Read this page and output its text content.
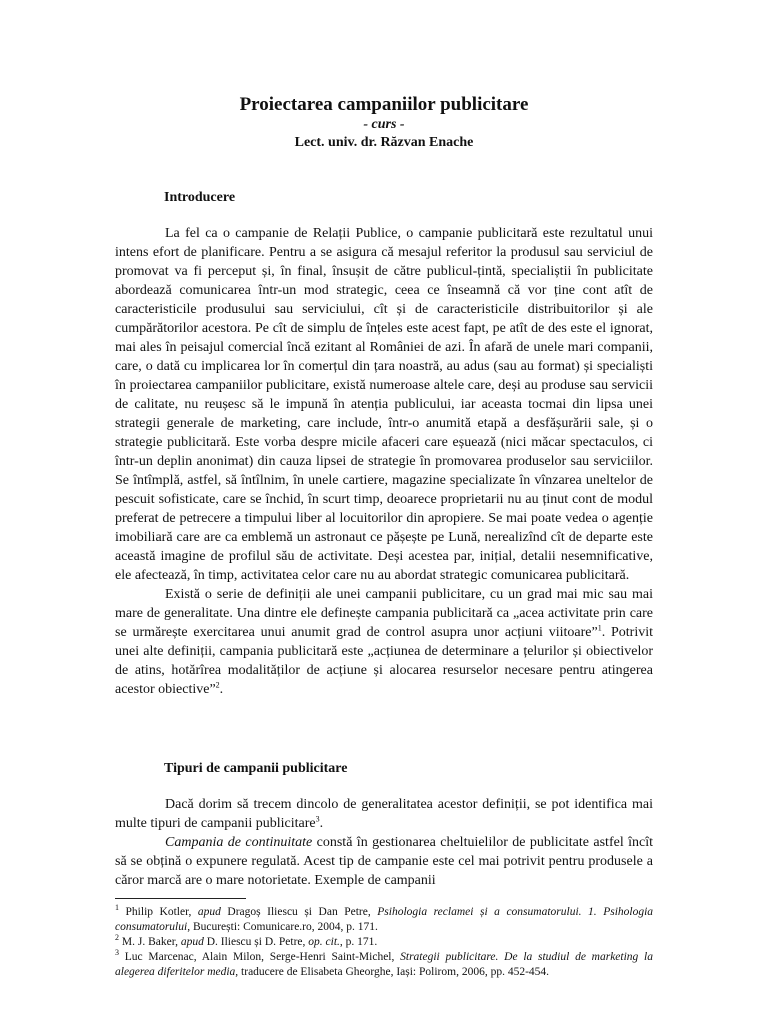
Proiectarea campaniilor publicitare
- curs -
Lect. univ. dr. Răzvan Enache
Introducere

La fel ca o campanie de Relații Publice, o campanie publicitară este rezultatul unui intens efort de planificare. Pentru a se asigura că mesajul referitor la produsul sau serviciul de promovat va fi perceput și, în final, însușit de către publicul-țintă, specialiștii în publicitate abordează comunicarea într-un mod strategic, ceea ce înseamnă că vor ține cont atît de caracteristicile produsului sau serviciului, cît și de caracteristicile distribuitorilor și ale cumpărătorilor acestora. Pe cît de simplu de înțeles este acest fapt, pe atît de des este el ignorat, mai ales în peisajul comercial încă ezitant al României de azi. În afară de unele mari companii, care, o dată cu implicarea lor în comerțul din țara noastră, au adus (sau au format) și specialiști în proiectarea campaniilor publicitare, există numeroase altele care, deși au produse sau servicii de calitate, nu reușesc să le impună în atenția publicului, iar aceasta tocmai din lipsa unei strategii generale de marketing, care include, într-o anumită etapă a desfășurării sale, și o strategie publicitară. Este vorba despre micile afaceri care eșuează (nici măcar spectaculos, ci într-un deplin anonimat) din cauza lipsei de strategie în promovarea produselor sau serviciilor. Se întîmplă, astfel, să întîlnim, în unele cartiere, magazine specializate în vînzarea uneltelor de pescuit sofisticate, care se închid, în scurt timp, deoarece proprietarii nu au ținut cont de modul preferat de petrecere a timpului liber al locuitorilor din apropiere. Se mai poate vedea o agenție imobiliară care are ca emblemă un astronaut ce pășește pe Lună, nerealizînd cît de departe este această imagine de profilul său de activitate. Deși acestea par, inițial, detalii nesemnificative, ele afectează, în timp, activitatea celor care nu au abordat strategic comunicarea publicitară.

Există o serie de definiții ale unei campanii publicitare, cu un grad mai mic sau mai mare de generalitate. Una dintre ele definește campania publicitară ca „acea activitate prin care se urmărește exercitarea unui anumit grad de control asupra unor acțiuni viitoare”$^1$. Potrivit unei alte definiții, campania publicitară este „acțiunea de determinare a țelurilor și obiectivelor de atins, hotărîrea modalităților de acțiune și alocarea resurselor necesare pentru atingerea acestor obiective”$^2$.

Tipuri de campanii publicitare

Dacă dorim să trecem dincolo de generalitatea acestor definiții, se pot identifica mai multe tipuri de campanii publicitare$^3$.

Campania de continuitate constă în gestionarea cheltuielilor de publicitate astfel încît să se obțină o expunere regulată. Acest tip de campanie este cel mai potrivit pentru produsele a căror marcă are o mare notorietate. Exemple de campanii

$^1$ Philip Kotler, apud Dragoș Iliescu și Dan Petre, Psihologia reclamei și a consumatorului. 1. Psihologia consumatorului, București: Comunicare.ro, 2004, p. 171.

$^2$ M. J. Baker, apud D. Iliescu și D. Petre, op. cit., p. 171.

$^3$ Luc Marcenac, Alain Milon, Serge-Henri Saint-Michel, Strategii publicitare. De la studiul de marketing la alegerea diferitelor media, traducere de Elisabeta Gheorghe, Iași: Polirom, 2006, pp. 452-454.
